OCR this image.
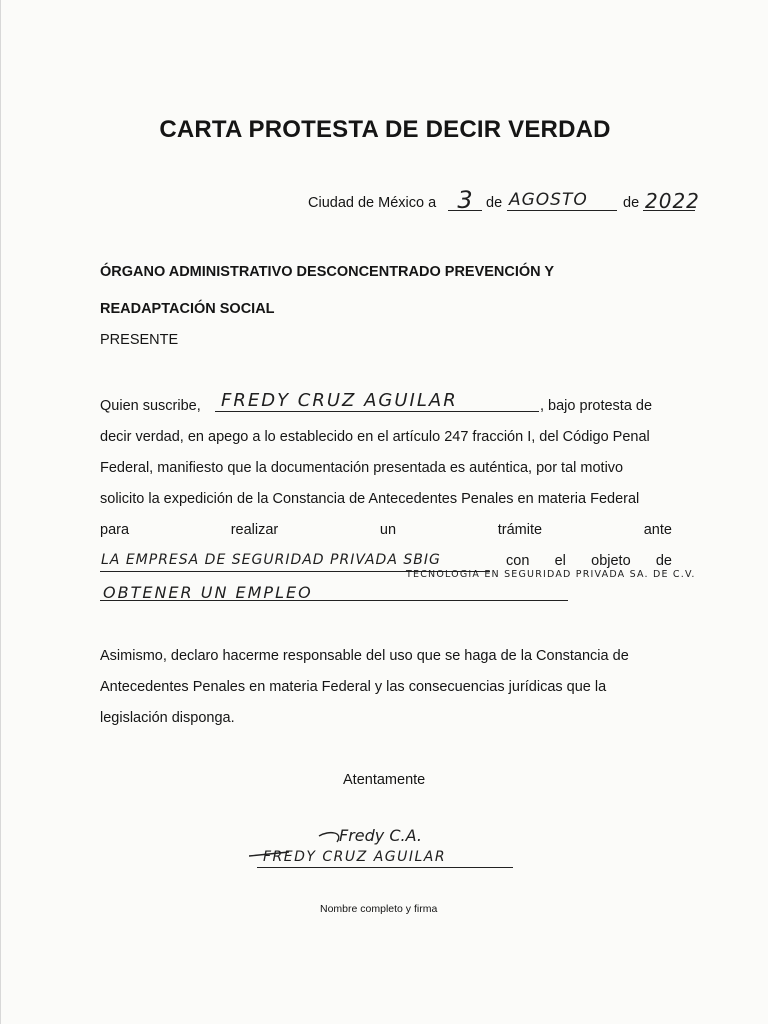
CARTA PROTESTA DE DECIR VERDAD
Ciudad de México a 3 de AGOSTO	de 2022
ÓRGANO ADMINISTRATIVO DESCONCENTRADO PREVENCIÓN Y
READAPTACIÓN SOCIAL
PRESENTE
Quien suscribe, FREDY CRUZ AGUILAR	, bajo protesta de
decir verdad, en apego a lo establecido en el artículo 247 fracción I, del Código Penal
Federal, manifiesto que la documentación presentada es auténtica, por tal motivo
solicito la expedición de la Constancia de Antecedentes Penales en materia Federal
para	realizar	un	trámite	ante
LA EMPRESA DE SEGURIDAD PRIVADA SBIG	con el objeto de
TECNOLOGIA EN SEGURIDAD PRIVADA SA. DE C.V.
OBTENER UN EMPLEO
Asimismo, declaro hacerme responsable del uso que se haga de la Constancia de
Antecedentes Penales en materia Federal y las consecuencias jurídicas que la
legislación disponga.
Atentamente
Fredy C.A.
FREDY CRUZ AGUILAR
Nombre completo y firma
